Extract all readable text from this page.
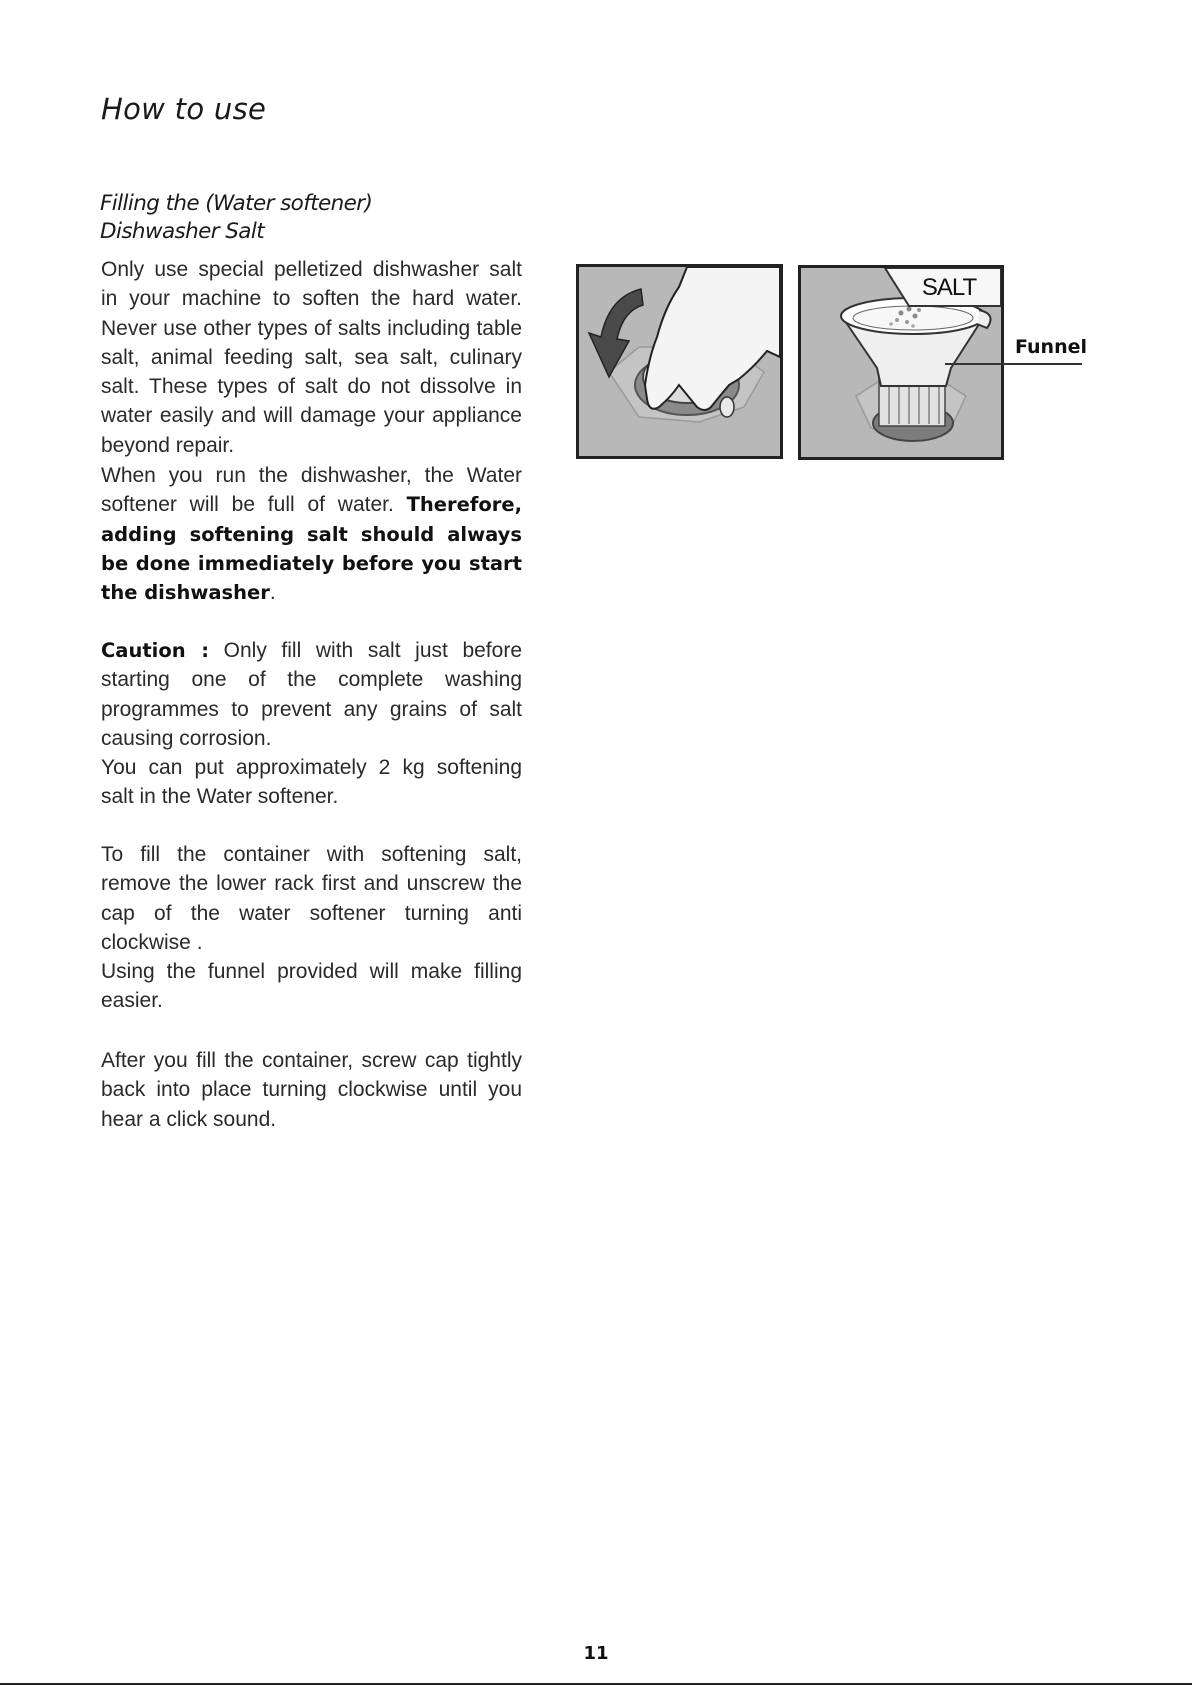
How to use
Filling the (Water softener)
Dishwasher Salt

Only use special pelletized dishwasher salt in your machine to soften the hard water. Never use other types of salts including table salt, animal feeding salt, sea salt, culinary salt. These types of salt do not dissolve in water easily and will damage your appliance beyond repair.

When you run the dishwasher, the Water softener will be full of water. Therefore, adding softening salt should always be done immediately before you start the dishwasher.

Caution : Only fill with salt just before starting one of the complete washing programmes to prevent any grains of salt causing corrosion.

You can put approximately 2 kg softening salt in the Water softener.

To fill the container with softening salt, remove the lower rack first and unscrew the cap of the water softener turning anti clockwise .

Using the funnel provided will make filling easier.

After you fill the container, screw cap tightly back into place turning clockwise until you hear a click sound.

SALT
Funnel
11
